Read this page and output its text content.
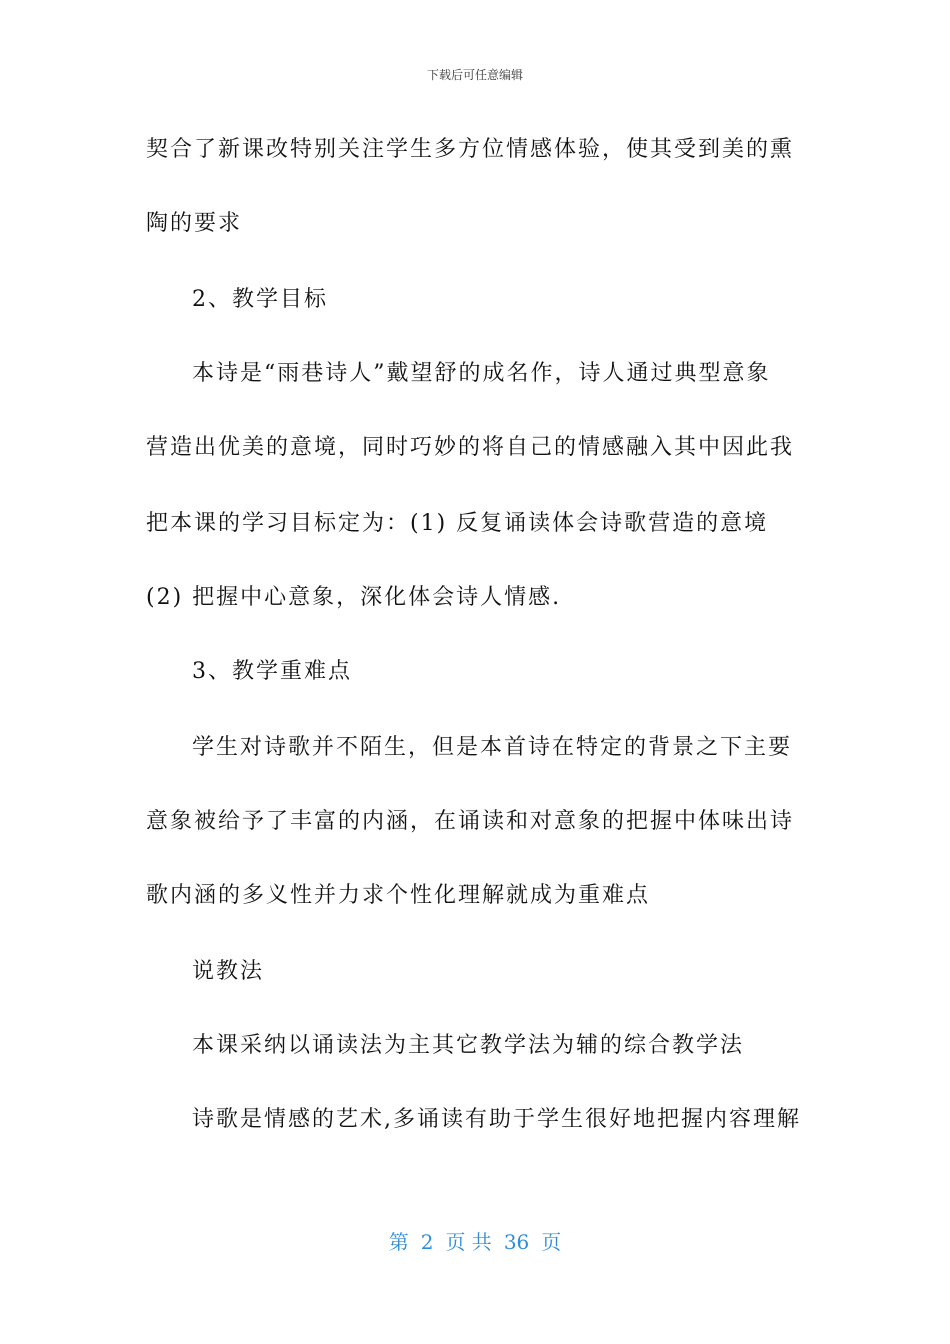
下载后可任意编辑
契合了新课改特别关注学生多方位情感体验，使其受到美的熏
陶的要求
2、教学目标
本诗是“雨巷诗人”戴望舒的成名作，诗人通过典型意象
营造出优美的意境，同时巧妙的将自己的情感融入其中因此我
把本课的学习目标定为：(1) 反复诵读体会诗歌营造的意境
(2) 把握中心意象，深化体会诗人情感.
3、教学重难点
学生对诗歌并不陌生，但是本首诗在特定的背景之下主要
意象被给予了丰富的内涵，在诵读和对意象的把握中体味出诗
歌内涵的多义性并力求个性化理解就成为重难点
说教法
本课采纳以诵读法为主其它教学法为辅的综合教学法
诗歌是情感的艺术,多诵读有助于学生很好地把握内容理解
第 2 页 共 36 页
